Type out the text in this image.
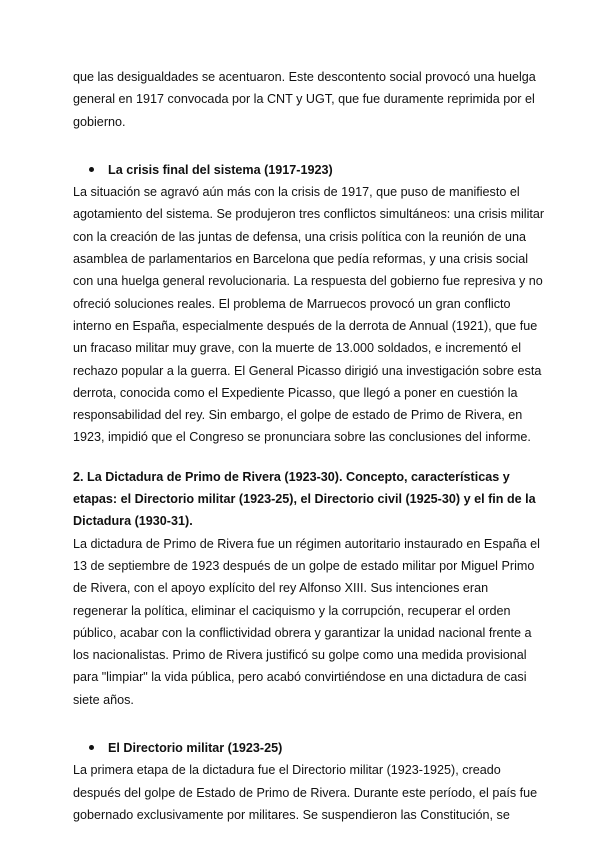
que las desigualdades se acentuaron. Este descontento social provocó una huelga
general en 1917 convocada por la CNT y UGT, que fue duramente reprimida por el
gobierno.

La crisis final del sistema (1917-1923)

La situación se agravó aún más con la crisis de 1917, que puso de manifiesto el
agotamiento del sistema. Se produjeron tres conflictos simultáneos: una crisis militar
con la creación de las juntas de defensa, una crisis política con la reunión de una
asamblea de parlamentarios en Barcelona que pedía reformas, y una crisis social
con una huelga general revolucionaria. La respuesta del gobierno fue represiva y no
ofreció soluciones reales. El problema de Marruecos provocó un gran conflicto
interno en España, especialmente después de la derrota de Annual (1921), que fue
un fracaso militar muy grave, con la muerte de 13.000 soldados, e incrementó el
rechazo popular a la guerra. El General Picasso dirigió una investigación sobre esta
derrota, conocida como el Expediente Picasso, que llegó a poner en cuestión la
responsabilidad del rey. Sin embargo, el golpe de estado de Primo de Rivera, en
1923, impidió que el Congreso se pronunciara sobre las conclusiones del informe.

2. La Dictadura de Primo de Rivera (1923-30). Concepto, características y
etapas: el Directorio militar (1923-25), el Directorio civil (1925-30) y el fin de la
Dictadura (1930-31).

La dictadura de Primo de Rivera fue un régimen autoritario instaurado en España el
13 de septiembre de 1923 después de un golpe de estado militar por Miguel Primo
de Rivera, con el apoyo explícito del rey Alfonso XIII. Sus intenciones eran
regenerar la política, eliminar el caciquismo y la corrupción, recuperar el orden
público, acabar con la conflictividad obrera y garantizar la unidad nacional frente a
los nacionalistas. Primo de Rivera justificó su golpe como una medida provisional
para "limpiar" la vida pública, pero acabó convirtiéndose en una dictadura de casi
siete años.

El Directorio militar (1923-25)

La primera etapa de la dictadura fue el Directorio militar (1923-1925), creado
después del golpe de Estado de Primo de Rivera. Durante este período, el país fue
gobernado exclusivamente por militares. Se suspendieron las Constitución, se
